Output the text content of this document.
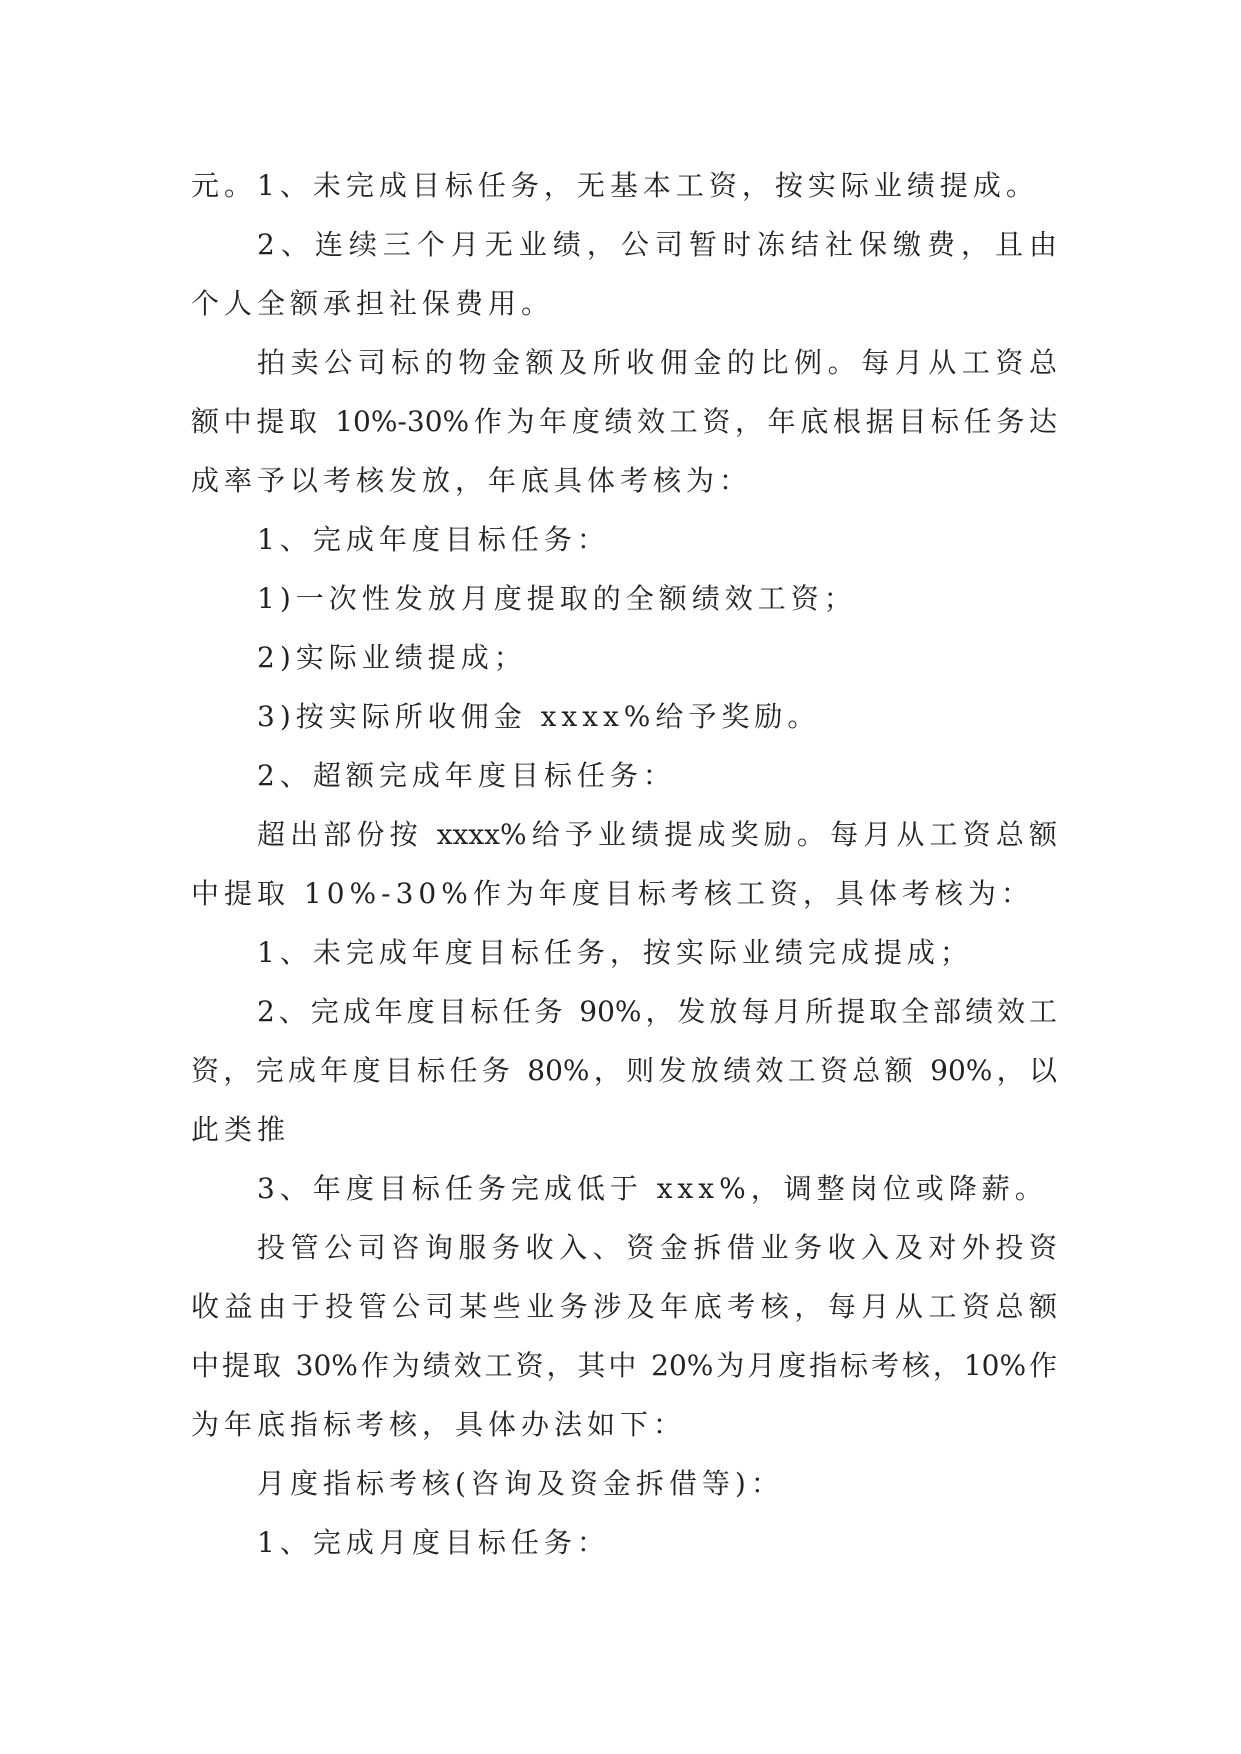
元。1、未完成目标任务，无基本工资，按实际业绩提成。
2、连续三个月无业绩，公司暂时冻结社保缴费，且由
个人全额承担社保费用。
拍卖公司标的物金额及所收佣金的比例。每月从工资总
额中提取 10%-30%作为年度绩效工资，年底根据目标任务达
成率予以考核发放，年底具体考核为：
1、完成年度目标任务：
1)一次性发放月度提取的全额绩效工资；
2)实际业绩提成；
3)按实际所收佣金 xxxx%给予奖励。
2、超额完成年度目标任务：
超出部份按 xxxx%给予业绩提成奖励。每月从工资总额
中提取 10%-30%作为年度目标考核工资，具体考核为：
1、未完成年度目标任务，按实际业绩完成提成；
2、完成年度目标任务 90%，发放每月所提取全部绩效工
资，完成年度目标任务 80%，则发放绩效工资总额 90%，以
此类推
3、年度目标任务完成低于 xxx%，调整岗位或降薪。
投管公司咨询服务收入、资金拆借业务收入及对外投资
收益由于投管公司某些业务涉及年底考核，每月从工资总额
中提取 30%作为绩效工资，其中 20%为月度指标考核，10%作
为年底指标考核，具体办法如下：
月度指标考核(咨询及资金拆借等)：
1、完成月度目标任务：
